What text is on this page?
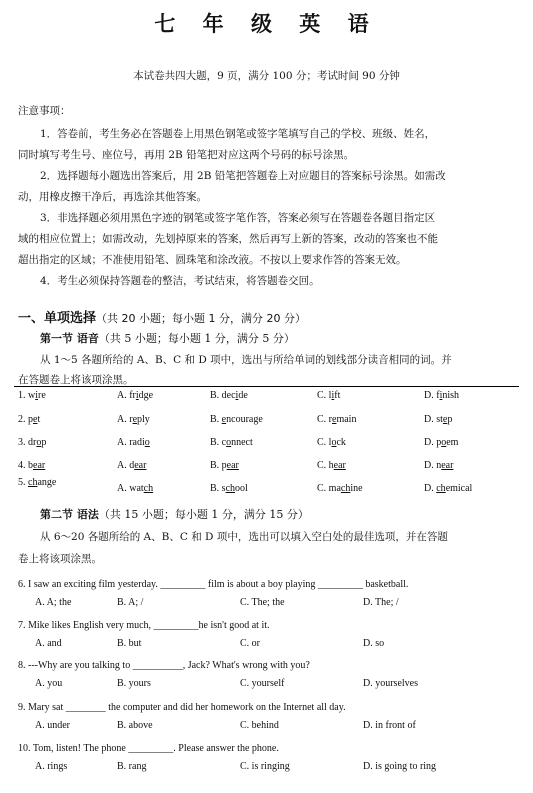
七 年 级 英 语
本试卷共四大题，9 页，满分 100 分；考试时间 90 分钟
注意事项：
1．答卷前，考生务必在答题卷上用黑色钢笔或签字笔填写自己的学校、班级、姓名，
同时填写考生号、座位号，再用 2B 铅笔把对应这两个号码的标号涂黑。
2．选择题每小题选出答案后，用 2B 铅笔把答题卷上对应题目的答案标号涂黑。如需改
动，用橡皮擦干净后，再选涂其他答案。
3．非选择题必须用黑色字迹的钢笔或签字笔作答，答案必须写在答题卷各题目指定区
域的相应位置上；如需改动，先划掉原来的答案，然后再写上新的答案，改动的答案也不能
超出指定的区域；不准使用铅笔、圆珠笔和涂改液。不按以上要求作答的答案无效。
4．考生必须保持答题卷的整洁，考试结束，将答题卷交回。
一、单项选择（共 20 小题；每小题 1 分，满分 20 分）
第一节 语音（共 5 小题；每小题 1 分，满分 5 分）
从 1～5 各题所给的 A、B、C 和 D 项中，选出与所给单词的划线部分读音相同的词。并
在答题卷上将该项涂黑。
1. wire	A. fridge	B. decide	C. lift	D. finish
2. pet	A. reply	B. encourage	C. remain	D. step
3. drop	A. radio	B. connect	C. lock	D. poem
4. bear	A. dear	B. pear	C. hear	D. near
5. change
A. watch	B. school	C. machine	D. chemical
第二节 语法（共 15 小题；每小题 1 分，满分 15 分）
从 6～20 各题所给的 A、B、C 和 D 项中，选出可以填入空白处的最佳选项，并在答题
卷上将该项涂黑。
6. I saw an exciting film yesterday. _________ film is about a boy playing _________ basketball.
A. A; the	B. A; /	C. The; the	D. The; /
7. Mike likes English very much, _________he isn't good at it.
A. and	B. but	C. or	D. so
8. ---Why are you talking to __________, Jack? What's wrong with you?
A. you	B. yours	C. yourself	D. yourselves
9. Mary sat ________ the computer and did her homework on the Internet all day.
A. under	B. above	C. behind	D. in front of
10. Tom, listen! The phone _________. Please answer the phone.
A. rings	B. rang	C. is ringing	D. is going to ring
